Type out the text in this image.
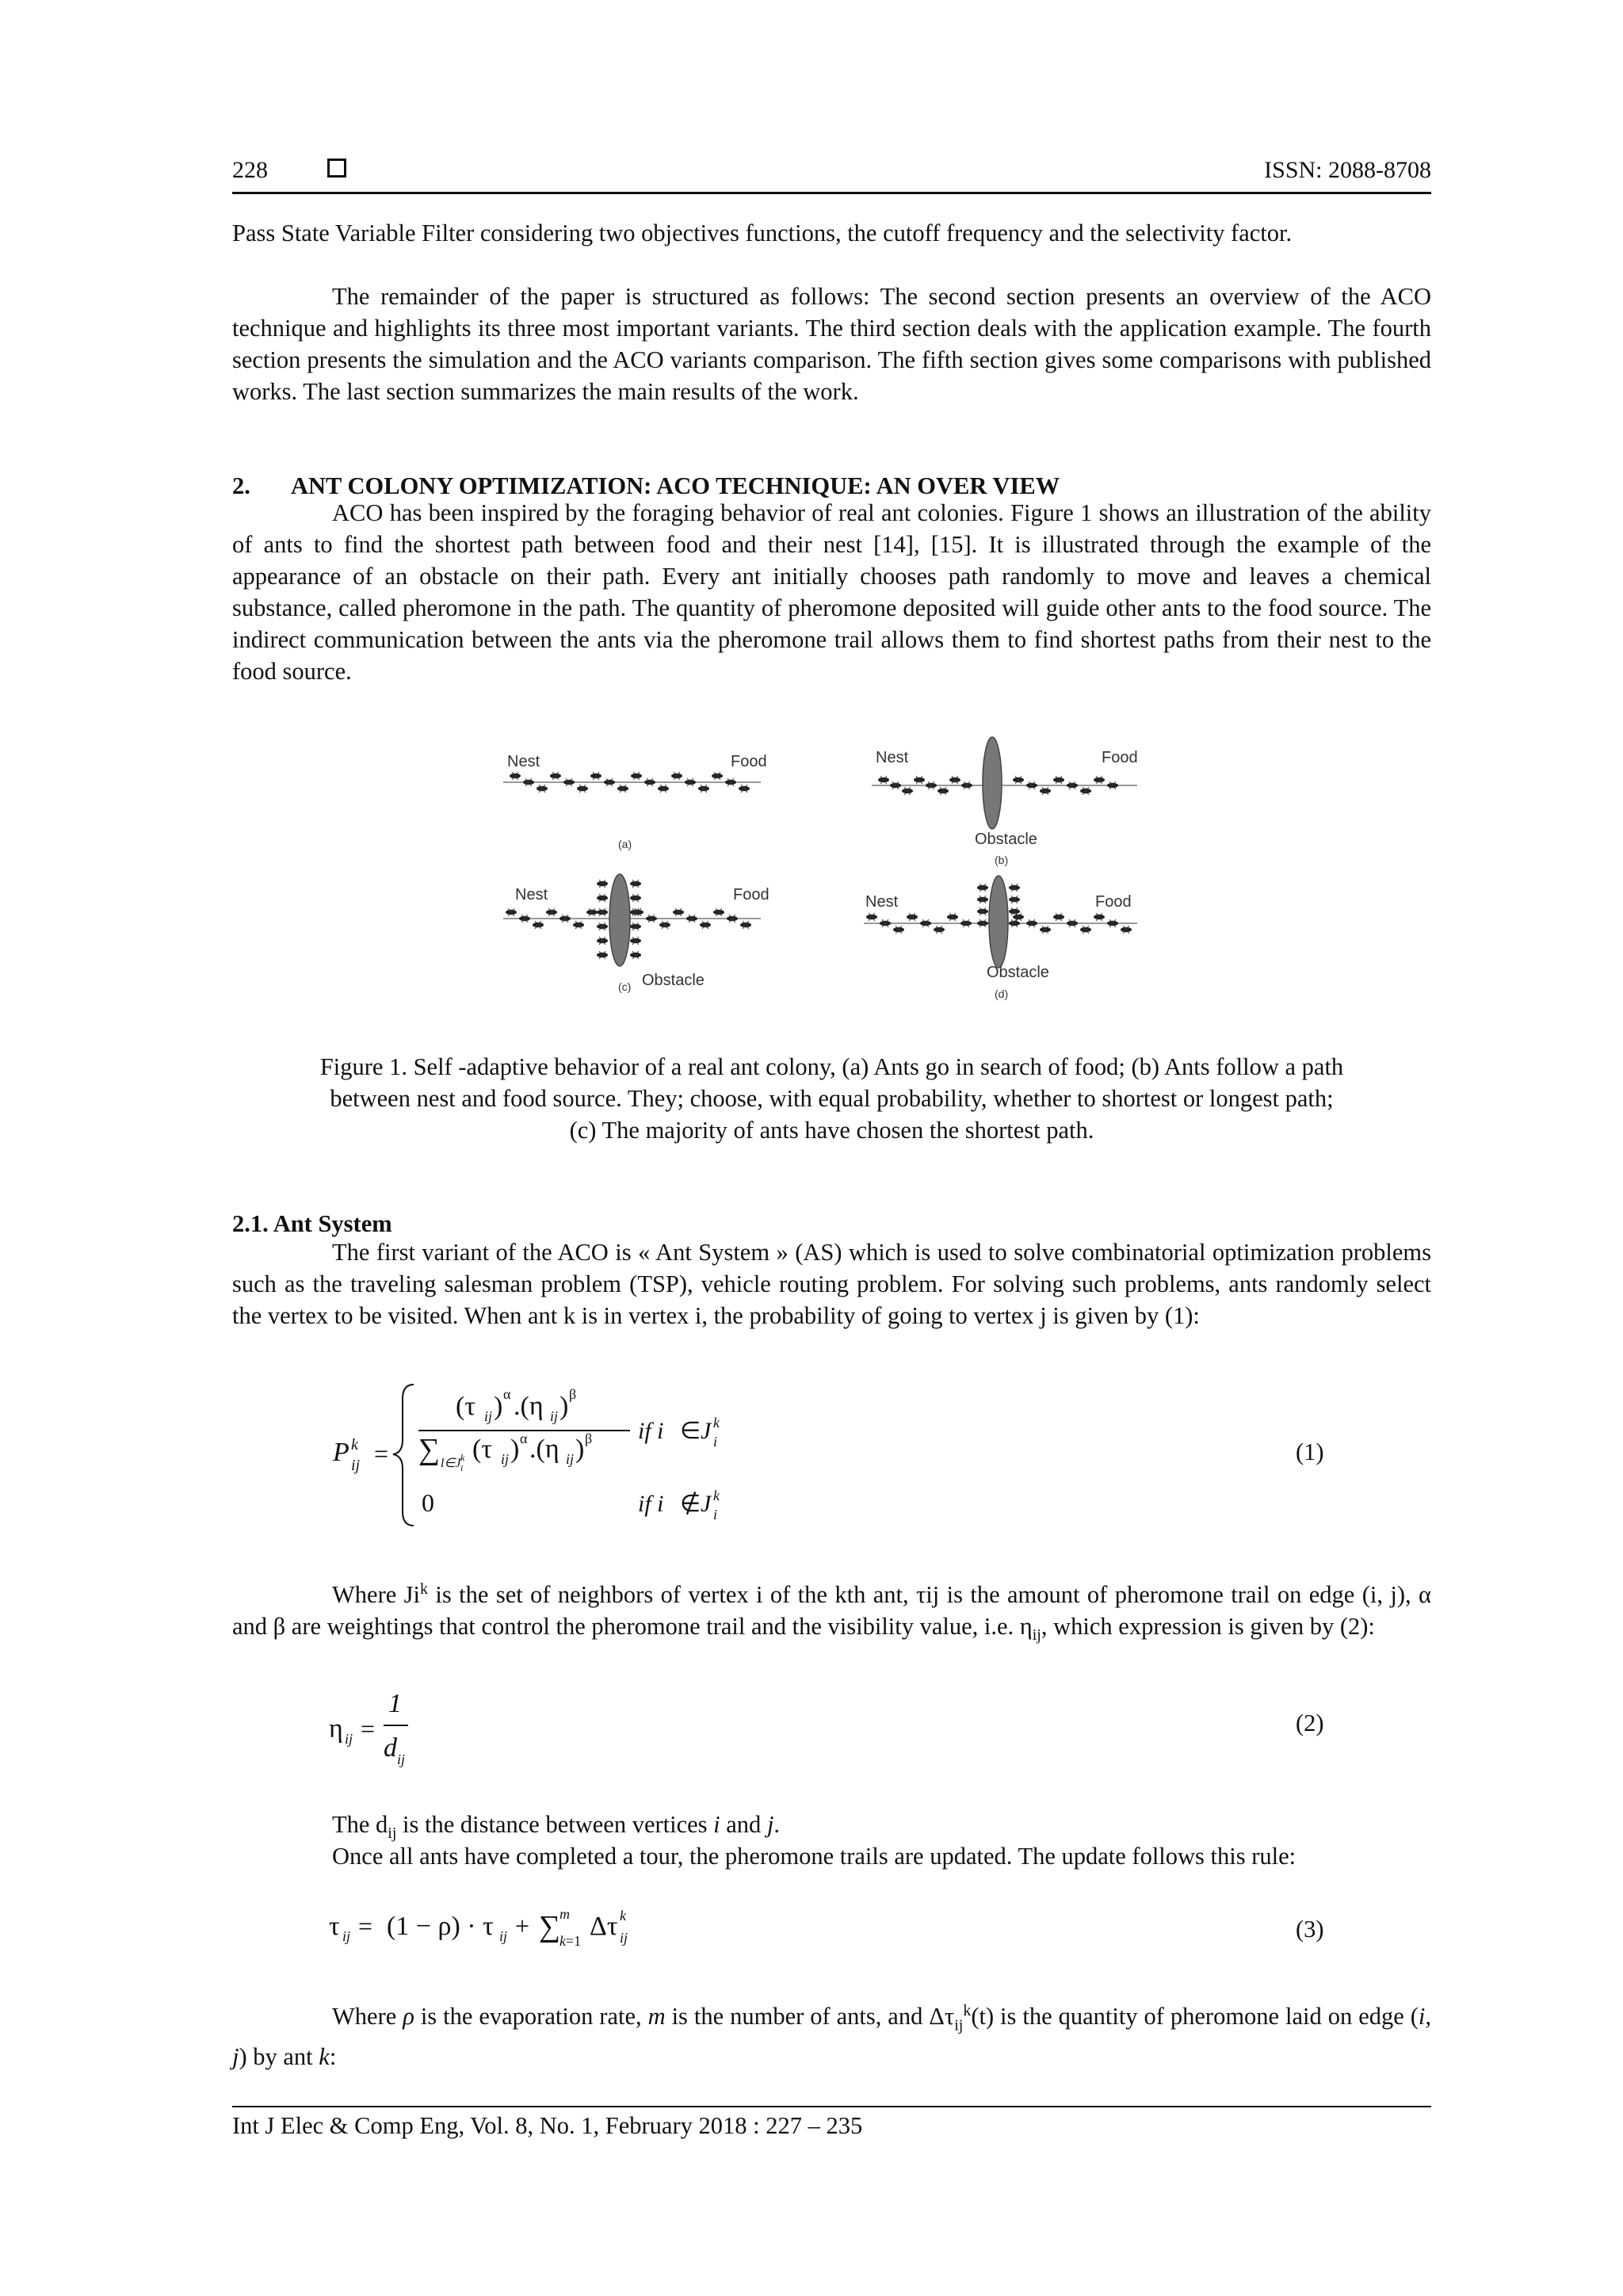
228	ISSN: 2088-8708

Pass State Variable Filter considering two objectives functions, the cutoff frequency and the selectivity factor.

The remainder of the paper is structured as follows: The second section presents an overview of the ACO technique and highlights its three most important variants. The third section deals with the application example. The fourth section presents the simulation and the ACO variants comparison. The fifth section gives some comparisons with published works. The last section summarizes the main results of the work.

2. ANT COLONY OPTIMIZATION: ACO TECHNIQUE: AN OVER VIEW

ACO has been inspired by the foraging behavior of real ant colonies. Figure 1 shows an illustration of the ability of ants to find the shortest path between food and their nest [14], [15]. It is illustrated through the example of the appearance of an obstacle on their path. Every ant initially chooses path randomly to move and leaves a chemical substance, called pheromone in the path. The quantity of pheromone deposited will guide other ants to the food source. The indirect communication between the ants via the pheromone trail allows them to find shortest paths from their nest to the food source.

Nest	Food
(a)
Nest	Food
Obstacle
(b)
Nest	Food
Obstacle
(c)
Nest	Food
Obstacle
(d)
Figure 1. Self -adaptive behavior of a real ant colony, (a) Ants go in search of food; (b) Ants follow a path
between nest and food source. They; choose, with equal probability, whether to shortest or longest path;
(c) The majority of ants have chosen the shortest path.
2.1. Ant System

The first variant of the ACO is « Ant System » (AS) which is used to solve combinatorial optimization problems such as the traveling salesman problem (TSP), vehicle routing problem. For solving such problems, ants randomly select the vertex to be visited. When ant k is in vertex i, the probability of going to vertex j is given by (1):

P k
ij =
(τ ij ) α .(η ij ) β
∑ l∈J k
i
(τ ij ) α .(η ij ) β if i ∈ J k
i
0	if i ∉ J k
i
(1)

Where Ji$^k$ is the set of neighbors of vertex i of the kth ant, τij is the amount of pheromone trail on edge (i, j), α and β are weightings that control the pheromone trail and the visibility value, i.e. $\eta_{ij}$, which expression is given by (2):

η ij =
1
d ij
(2)

The $d_{ij}$ is the distance between vertices i and j.

Once all ants have completed a tour, the pheromone trails are updated. The update follows this rule:

τ ij = (1 − ρ) · τ ij + ∑
m
k=1 Δτ k
ij	(3)

Where ρ is the evaporation rate, m is the number of ants, and $\Delta\tau_{ij}^k(t)$ is the quantity of pheromone laid on edge (i, j) by ant k:

Int J Elec & Comp Eng, Vol. 8, No. 1, February 2018 : 227 – 235
